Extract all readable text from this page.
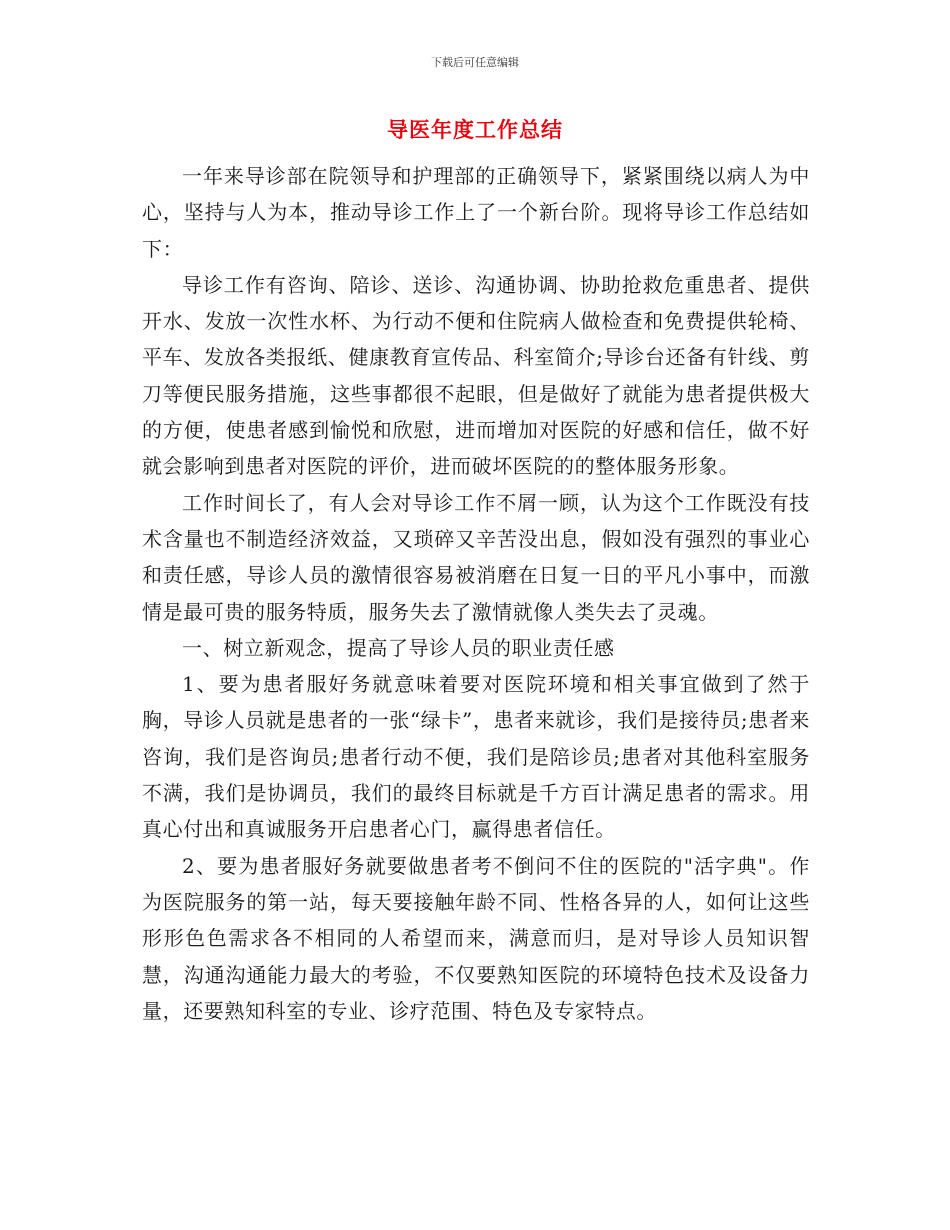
下载后可任意编辑
导医年度工作总结

一年来导诊部在院领导和护理部的正确领导下，紧紧围绕以病人为中心，坚持与人为本，推动导诊工作上了一个新台阶。现将导诊工作总结如下：

导诊工作有咨询、陪诊、送诊、沟通协调、协助抢救危重患者、提供开水、发放一次性水杯、为行动不便和住院病人做检查和免费提供轮椅、平车、发放各类报纸、健康教育宣传品、科室简介;导诊台还备有针线、剪刀等便民服务措施，这些事都很不起眼，但是做好了就能为患者提供极大的方便，使患者感到愉悦和欣慰，进而增加对医院的好感和信任，做不好就会影响到患者对医院的评价，进而破坏医院的的整体服务形象。

工作时间长了，有人会对导诊工作不屑一顾，认为这个工作既没有技术含量也不制造经济效益，又琐碎又辛苦没出息，假如没有强烈的事业心和责任感，导诊人员的激情很容易被消磨在日复一日的平凡小事中，而激情是最可贵的服务特质，服务失去了激情就像人类失去了灵魂。

一、树立新观念，提高了导诊人员的职业责任感

1、要为患者服好务就意味着要对医院环境和相关事宜做到了然于胸，导诊人员就是患者的一张“绿卡”，患者来就诊，我们是接待员;患者来咨询，我们是咨询员;患者行动不便，我们是陪诊员;患者对其他科室服务不满，我们是协调员，我们的最终目标就是千方百计满足患者的需求。用真心付出和真诚服务开启患者心门，赢得患者信任。

2、要为患者服好务就要做患者考不倒问不住的医院的"活字典"。作为医院服务的第一站，每天要接触年龄不同、性格各异的人，如何让这些形形色色需求各不相同的人希望而来，满意而归，是对导诊人员知识智慧，沟通沟通能力最大的考验，不仅要熟知医院的环境特色技术及设备力量，还要熟知科室的专业、诊疗范围、特色及专家特点。
